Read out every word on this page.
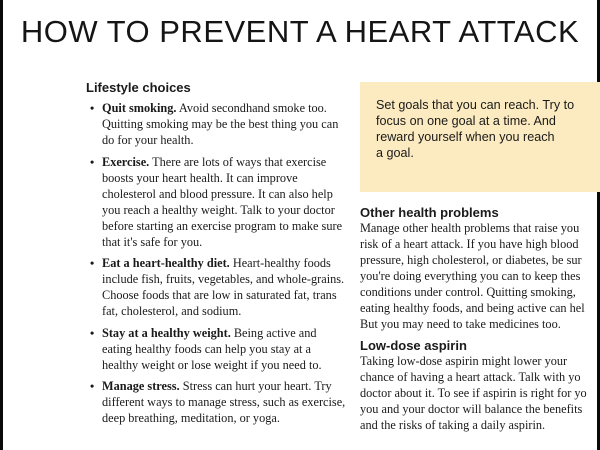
HOW TO PREVENT A HEART ATTACK
Lifestyle choices
• Quit smoking. Avoid secondhand smoke too. Quitting smoking may be the best thing you can do for your health.
• Exercise. There are lots of ways that exercise boosts your heart health. It can improve cholesterol and blood pressure. It can also help you reach a healthy weight. Talk to your doctor before starting an exercise program to make sure that it's safe for you.
• Eat a heart-healthy diet. Heart-healthy foods include fish, fruits, vegetables, and whole-grains. Choose foods that are low in saturated fat, trans fat, cholesterol, and sodium.
• Stay at a healthy weight. Being active and eating healthy foods can help you stay at a healthy weight or lose weight if you need to.
• Manage stress. Stress can hurt your heart. Try different ways to manage stress, such as exercise, deep breathing, meditation, or yoga.
Set goals that you can reach. Try to
focus on one goal at a time. And
reward yourself when you reach
a goal.
Other health problems

Manage other health problems that raise you

risk of a heart attack. If you have high blood

pressure, high cholesterol, or diabetes, be sur

you're doing everything you can to keep thes

conditions under control. Quitting smoking,

eating healthy foods, and being active can hel

But you may need to take medicines too.

Low-dose aspirin

Taking low-dose aspirin might lower your

chance of having a heart attack. Talk with yo

doctor about it. To see if aspirin is right for yo

you and your doctor will balance the benefits

and the risks of taking a daily aspirin.
